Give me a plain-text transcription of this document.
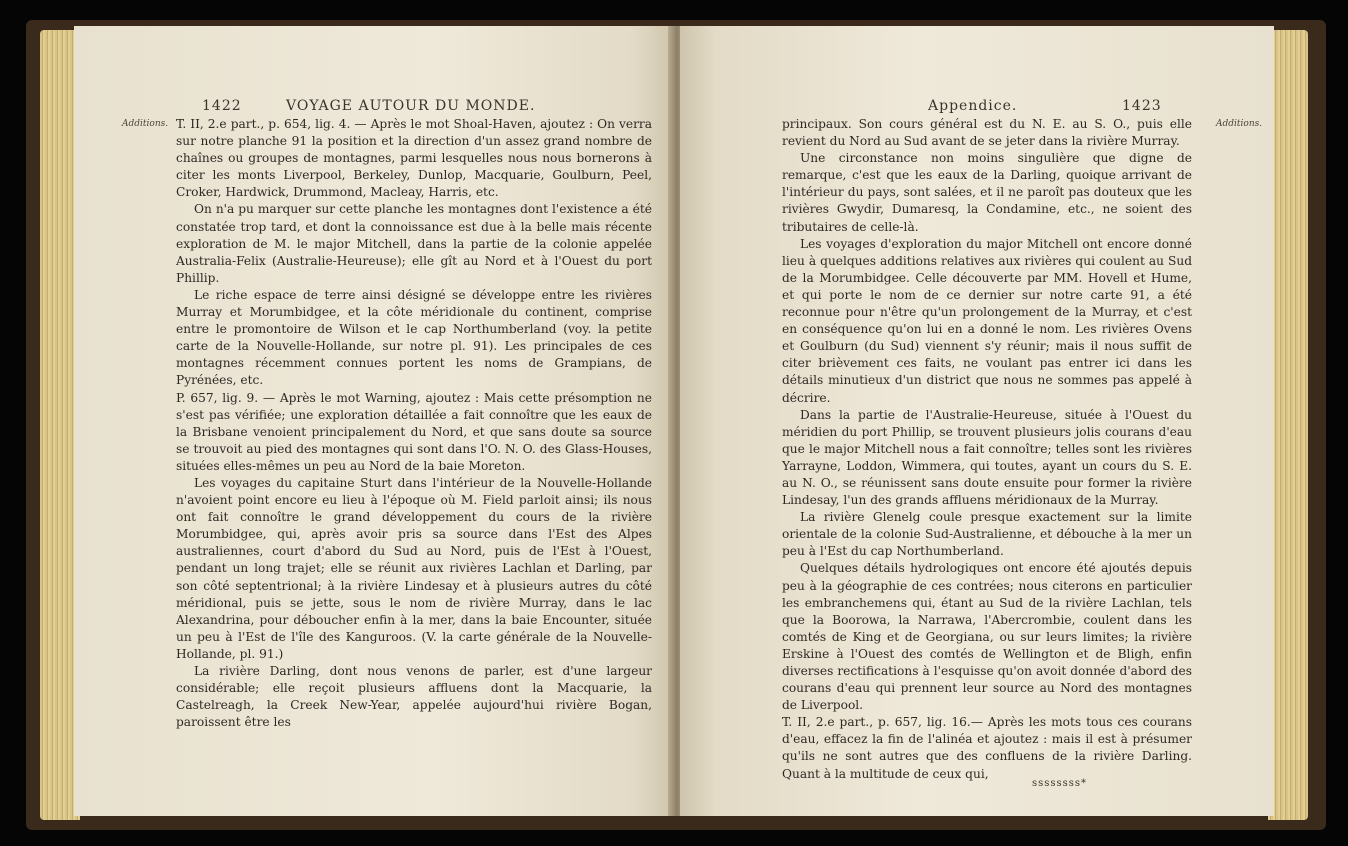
1422	VOYAGE AUTOUR DU MONDE.
Additions. T. II, 2.e part., p. 654, lig. 4. — Après le mot Shoal-Haven, ajoutez : On verra sur notre planche 91 la position et la direction d'un assez grand nombre de chaînes ou groupes de montagnes, parmi lesquelles nous nous bornerons à citer les monts Liverpool, Berkeley, Dunlop, Macquarie, Goulburn, Peel, Croker, Hardwick, Drummond, Macleay, Harris, etc.

On n'a pu marquer sur cette planche les montagnes dont l'existence a été constatée trop tard, et dont la connoissance est due à la belle mais récente exploration de M. le major Mitchell, dans la partie de la colonie appelée Australia-Felix (Australie-Heureuse); elle gît au Nord et à l'Ouest du port Phillip.

Le riche espace de terre ainsi désigné se développe entre les rivières Murray et Morumbidgee, et la côte méridionale du continent, comprise entre le promontoire de Wilson et le cap Northumberland (voy. la petite carte de la Nouvelle-Hollande, sur notre pl. 91). Les principales de ces montagnes récemment connues portent les noms de Grampians, de Pyrénées, etc.

P. 657, lig. 9. — Après le mot Warning, ajoutez : Mais cette présomption ne s'est pas vérifiée; une exploration détaillée a fait connoître que les eaux de la Brisbane venoient principalement du Nord, et que sans doute sa source se trouvoit au pied des montagnes qui sont dans l'O. N. O. des Glass-Houses, situées elles-mêmes un peu au Nord de la baie Moreton.

Les voyages du capitaine Sturt dans l'intérieur de la Nouvelle-Hollande n'avoient point encore eu lieu à l'époque où M. Field parloit ainsi; ils nous ont fait connoître le grand développement du cours de la rivière Morumbidgee, qui, après avoir pris sa source dans l'Est des Alpes australiennes, court d'abord du Sud au Nord, puis de l'Est à l'Ouest, pendant un long trajet; elle se réunit aux rivières Lachlan et Darling, par son côté septentrional; à la rivière Lindesay et à plusieurs autres du côté méridional, puis se jette, sous le nom de rivière Murray, dans le lac Alexandrina, pour déboucher enfin à la mer, dans la baie Encounter, située un peu à l'Est de l'île des Kanguroos. (V. la carte générale de la Nouvelle-Hollande, pl. 91.)

La rivière Darling, dont nous venons de parler, est d'une largeur considérable; elle reçoit plusieurs affluens dont la Macquarie, la Castelreagh, la Creek New-Year, appelée aujourd'hui rivière Bogan, paroissent être les

Appendice.	1423
Additions.

principaux. Son cours général est du N. E. au S. O., puis elle revient du Nord au Sud avant de se jeter dans la rivière Murray.

Une circonstance non moins singulière que digne de remarque, c'est que les eaux de la Darling, quoique arrivant de l'intérieur du pays, sont salées, et il ne paroît pas douteux que les rivières Gwydir, Dumaresq, la Condamine, etc., ne soient des tributaires de celle-là.

Les voyages d'exploration du major Mitchell ont encore donné lieu à quelques additions relatives aux rivières qui coulent au Sud de la Morumbidgee. Celle découverte par MM. Hovell et Hume, et qui porte le nom de ce dernier sur notre carte 91, a été reconnue pour n'être qu'un prolongement de la Murray, et c'est en conséquence qu'on lui en a donné le nom. Les rivières Ovens et Goulburn (du Sud) viennent s'y réunir; mais il nous suffit de citer brièvement ces faits, ne voulant pas entrer ici dans les détails minutieux d'un district que nous ne sommes pas appelé à décrire.

Dans la partie de l'Australie-Heureuse, située à l'Ouest du méridien du port Phillip, se trouvent plusieurs jolis courans d'eau que le major Mitchell nous a fait connoître; telles sont les rivières Yarrayne, Loddon, Wimmera, qui toutes, ayant un cours du S. E. au N. O., se réunissent sans doute ensuite pour former la rivière Lindesay, l'un des grands affluens méridionaux de la Murray.

La rivière Glenelg coule presque exactement sur la limite orientale de la colonie Sud-Australienne, et débouche à la mer un peu à l'Est du cap Northumberland.

Quelques détails hydrologiques ont encore été ajoutés depuis peu à la géographie de ces contrées; nous citerons en particulier les embranchemens qui, étant au Sud de la rivière Lachlan, tels que la Boorowa, la Narrawa, l'Abercrombie, coulent dans les comtés de King et de Georgiana, ou sur leurs limites; la rivière Erskine à l'Ouest des comtés de Wellington et de Bligh, enfin diverses rectifications à l'esquisse qu'on avoit donnée d'abord des courans d'eau qui prennent leur source au Nord des montagnes de Liverpool.

T. II, 2.e part., p. 657, lig. 16.— Après les mots tous ces courans d'eau, effacez la fin de l'alinéa et ajoutez : mais il est à présumer qu'ils ne sont autres que des confluens de la rivière Darling. Quant à la multitude de ceux qui,

ssssssss*
